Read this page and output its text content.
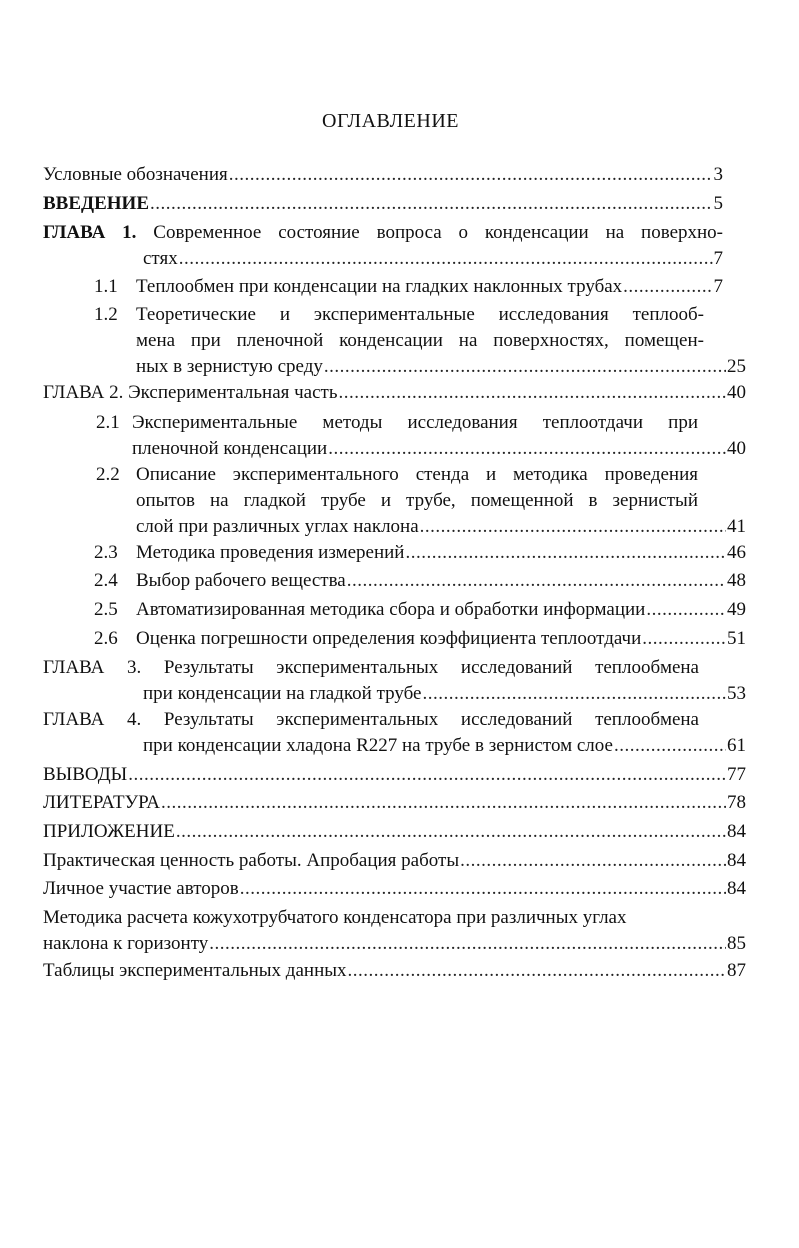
ОГЛАВЛЕНИЕ
Условные обозначения .....	3
ВВЕДЕНИЕ .....	5
ГЛАВА 1. Современное состояние вопроса о конденсации на поверхно-
стях .....	7
1.1 Теплообмен при конденсации на гладких наклонных трубах .....	7
1.2 Теоретические и экспериментальные исследования теплооб-
мена при пленочной конденсации на поверхностях, помещен-
ных в зернистую среду .....	25
ГЛАВА 2.
Экспериментальная часть .....	40
2.1 Экспериментальные методы исследования теплоотдачи при
пленочной конденсации .....	40
2.2 Описание экспериментального стенда и методика проведения
опытов на гладкой трубе и трубе, помещенной в зернистый
слой при различных углах наклона .....	41
2.3 Методика проведения измерений .....	46
2.4 Выбор рабочего вещества .....	48
2.5 Автоматизированная методика сбора и обработки информации .....	49
2.6 Оценка погрешности определения коэффициента теплоотдачи .....	51
ГЛАВА 3. Результаты экспериментальных исследований теплообмена
при конденсации на гладкой трубе .....	53
ГЛАВА 4. Результаты экспериментальных исследований теплообмена
при конденсации хладона R227 на трубе в зернистом слое .....	61
ВЫВОДЫ .....	77
ЛИТЕРАТУРА .....	78
ПРИЛОЖЕНИЕ .....	84
Практическая ценность работы. Апробация работы .....	84
Личное участие авторов .....	84
Методика расчета кожухотрубчатого конденсатора при различных углах
наклона к горизонту .....	85
Таблицы экспериментальных данных .....	87
